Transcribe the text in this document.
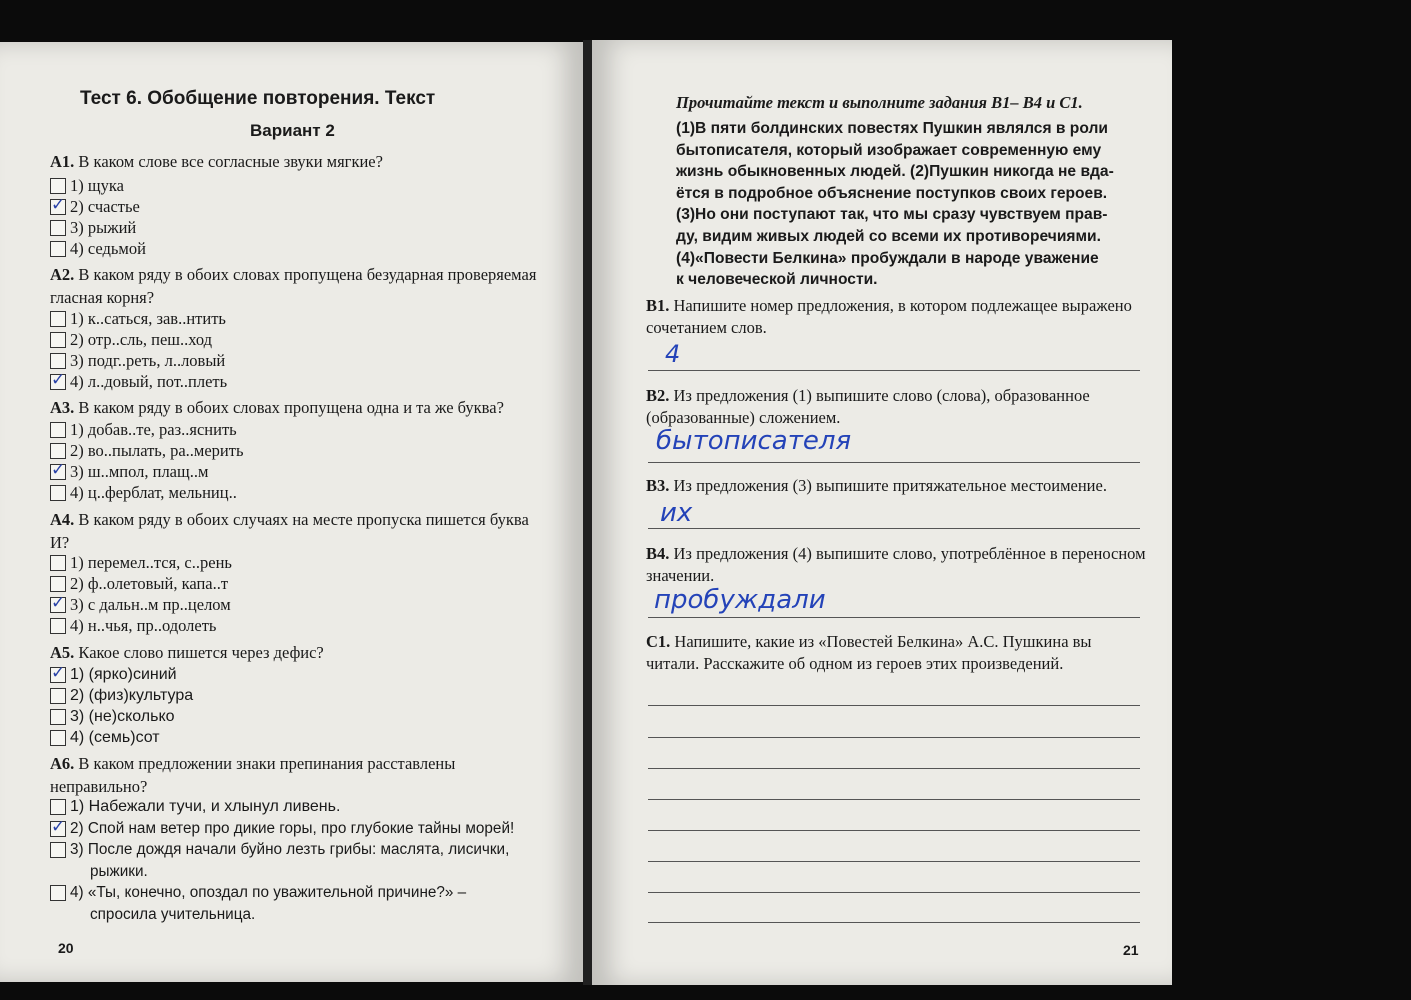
Тест 6. Обобщение повторения. Текст
Вариант 2
А1. В каком слове все согласные звуки мягкие?
1) щука
✓
2) счастье
3) рыжий
4) седьмой
А2. В каком ряду в обоих словах пропущена безударная проверяемая гласная корня?
1) к..саться, зав..нтить
2) отр..сль, пеш..ход
3) подг..реть, л..ловый
✓
4) л..довый, пот..плеть
А3. В каком ряду в обоих словах пропущена одна и та же буква?
1) добав..те, раз..яснить
2) во..пылать, ра..мерить
✓
3) ш..мпол, плащ..м
4) ц..ферблат, мельниц..
А4. В каком ряду в обоих случаях на месте пропуска пишется буква И?
1) перемел..тся, с..рень
2) ф..олетовый, капа..т
✓
3) с дальн..м пр..целом
4) н..чья, пр..одолеть
А5. Какое слово пишется через дефис?
✓
1) (ярко)синий
2) (физ)культура
3) (не)сколько
4) (семь)сот
А6. В каком предложении знаки препинания расставлены неправильно?
1) Набежали тучи, и хлынул ливень.
✓
2) Спой нам ветер про дикие горы, про глубокие тайны морей!
3) После дождя начали буйно лезть грибы: маслята, лисички,
рыжики.
4) «Ты, конечно, опоздал по уважительной причине?» –
спросила учительница.
20
Прочитайте текст и выполните задания В1– В4 и С1.
(1)В пяти болдинских повестях Пушкин являлся в роли
бытописателя, который изображает современную ему
жизнь обыкновенных людей. (2)Пушкин никогда не вда-
ётся в подробное объяснение поступков своих героев.
(3)Но они поступают так, что мы сразу чувствуем прав-
ду, видим живых людей со всеми их противоречиями.
(4)«Повести Белкина» пробуждали в народе уважение
к человеческой личности.
В1. Напишите номер предложения, в котором подлежащее выражено сочетанием слов.
4
В2. Из предложения (1) выпишите слово (слова), образованное (образованные) сложением.
бытописателя
В3. Из предложения (3) выпишите притяжательное местоимение.
их
В4. Из предложения (4) выпишите слово, употреблённое в переносном значении.
пробуждали
С1. Напишите, какие из «Повестей Белкина» А.С. Пушкина вы читали. Расскажите об одном из героев этих произведений.
21
